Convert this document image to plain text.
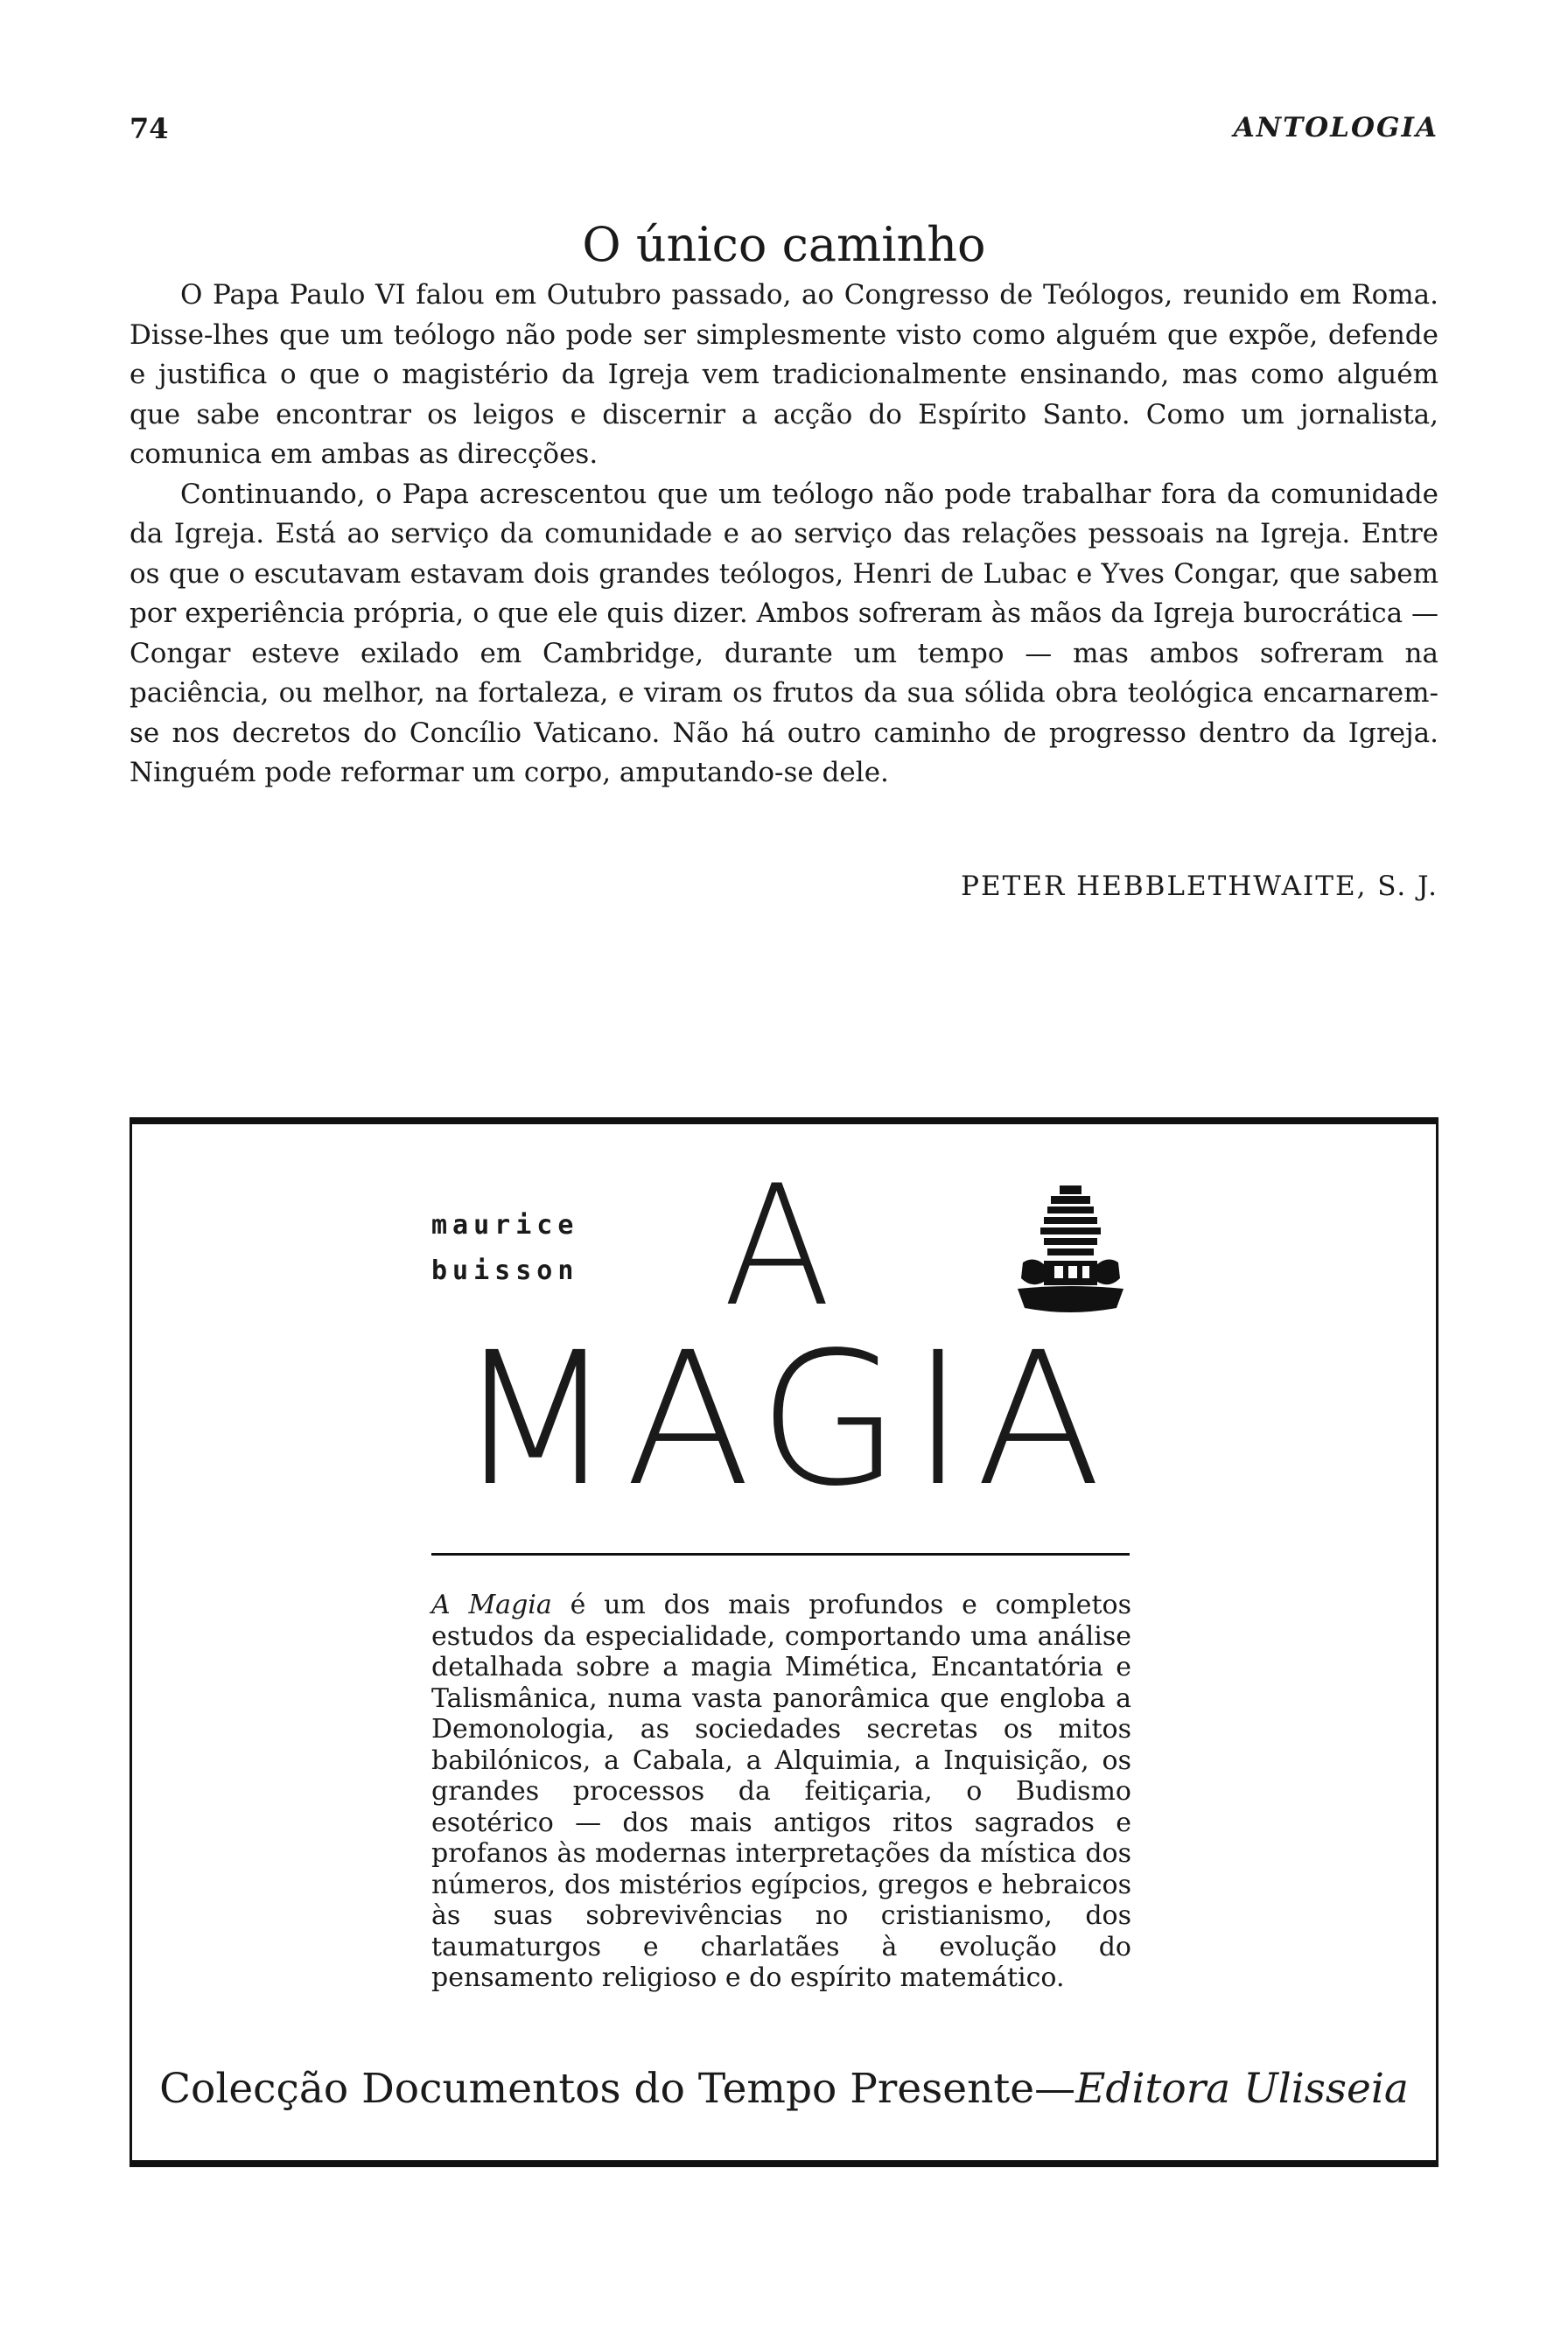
74	ANTOLOGIA
O único caminho

O Papa Paulo VI falou em Outubro passado, ao Congresso de Teólogos, reunido em Roma. Disse-lhes que um teólogo não pode ser simplesmente visto como alguém que expõe, defende e justifica o que o magistério da Igreja vem tradicionalmente ensinando, mas como alguém que sabe encontrar os leigos e discernir a acção do Espírito Santo. Como um jornalista, comunica em ambas as direcções.

Continuando, o Papa acrescentou que um teólogo não pode trabalhar fora da comunidade da Igreja. Está ao serviço da comunidade e ao serviço das relações pessoais na Igreja. Entre os que o escutavam estavam dois grandes teólogos, Henri de Lubac e Yves Congar, que sabem por experiência própria, o que ele quis dizer. Ambos sofreram às mãos da Igreja burocrática — Congar esteve exilado em Cambridge, durante um tempo — mas ambos sofreram na paciência, ou melhor, na fortaleza, e viram os frutos da sua sólida obra teológica encarnarem-se nos decretos do Concílio Vaticano. Não há outro caminho de progresso dentro da Igreja. Ninguém pode reformar um corpo, amputando-se dele.

PETER HEBBLETHWAITE, S. J.
maurice
buisson A
MAGIA
A Magia é um dos mais profundos e completos estudos da especialidade, comportando uma análise detalhada sobre a magia Mimética, Encantatória e Talismânica, numa vasta panorâmica que engloba a Demonologia, as sociedades secretas os mitos babilónicos, a Cabala, a Alquimia, a Inquisição, os grandes processos da feitiçaria, o Budismo esotérico — dos mais antigos ritos sagrados e profanos às modernas interpretações da mística dos números, dos mistérios egípcios, gregos e hebraicos às suas sobrevivências no cristianismo, dos taumaturgos e charlatães à evolução do pensamento religioso e do espírito matemático.
Colecção Documentos do Tempo Presente—Editora Ulisseia
